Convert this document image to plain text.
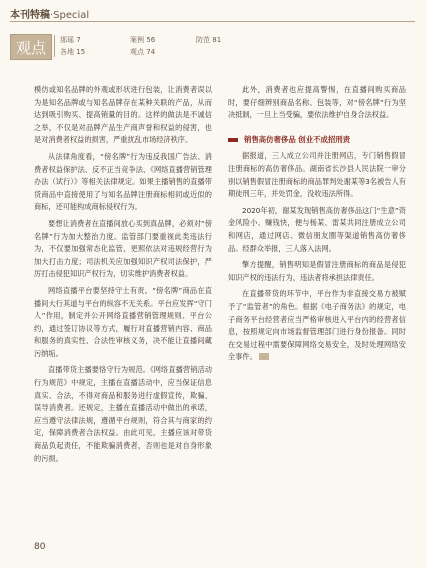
本刊特稿·Special
观点	那瑶 7	案例 56	防范 81
各地 15	观点 74

模仿或知名品牌的外观或形状进行包装，让消费者误以为是知名品牌或与知名品牌存在某种关联的产品，从而达到吸引购买、提高销量的目的。这样的做法是不诚信之举，不仅是对品牌产品生产商声誉和权益的侵害，也是对消费者权益的损害，严重扰乱市场经济秩序。

从法律角度看，“傍名牌”行为违反我国广告法、消费者权益保护法、反不正当竞争法、《网络直播营销管理办法（试行）》等相关法律规定。如果主播销售的直播带货商品中直接使用了与知名品牌注册商标相同或近似的商标，还可能构成商标侵权行为。

要想让消费者在直播间放心买到真品牌，必须对“傍名牌”行为加大整治力度。监管部门要重视此类违法行为，不仅要加强常态化监管，更照依法对违规经营行为加大打击力度；司法机关应加强知识产权司法保护，严厉打击侵犯知识产权行为，切实维护消费者权益。

网络直播平台要坚持守土有责。“傍名牌”商品在直播间大行其道与平台的纵容不无关系。平台应发挥“守门人”作用，制定并公开网络直播营销管理规则、平台公约，通过签订协议等方式，履行对直播营销内容、商品和服务的真实性、合法性审核义务，决不能让直播间藏污纳垢。

直播带货主播要恪守行为规范。《网络直播营销活动行为规范》中规定，主播在直播活动中，应当保证信息真实、合法，不得对商品和服务进行虚假宣传，欺骗、误导消费者。还规定，主播在直播活动中做出的承诺，应当遵守法律法规，遵循平台规则，符合其与商家的约定，保障消费者合法权益。由此可见，主播应该对带货商品负起责任，不能欺骗消费者，否则也是对自身形象的污损。

此外，消费者也应提高警惕，在直播间购买商品时，要仔细辨别商品名称、包装等，对“傍名牌”行为坚决抵制，一旦上当受骗，要依法维护自身合法权益。

销售高仿奢侈品 创业不成招刑责

据报道，三人成立公司并注册网店，专门销售假冒注册商标的高仿奢侈品。湖南省长沙县人民法院一审分别以销售假冒注册商标的商品罪判处谢某等3名被告人有期徒刑三年，并处罚金，没收违法所得。

2020年初，谢某发现销售高仿奢侈品这门“生意”资金风险小、赚钱快，便与杨某、雷某共同注册成立公司和网店，通过网店、微信朋友圈等渠道销售高仿奢侈品。经群众举报，三人落入法网。

擎方提醒，销售明知是假冒注册商标的商品是侵犯知识产权的违法行为，违法者将承担法律责任。

在直播带货的环节中，平台作为非直接交易方被赋予了“监管者”的角色。根据《电子商务法》的规定，电子商务平台经营者应当严格审核进入平台内的经营者信息，按照规定向市场监督管理部门进行身份报备。同时在交易过程中需要保障网络交易安全，及时处理网络安全事件。

80
